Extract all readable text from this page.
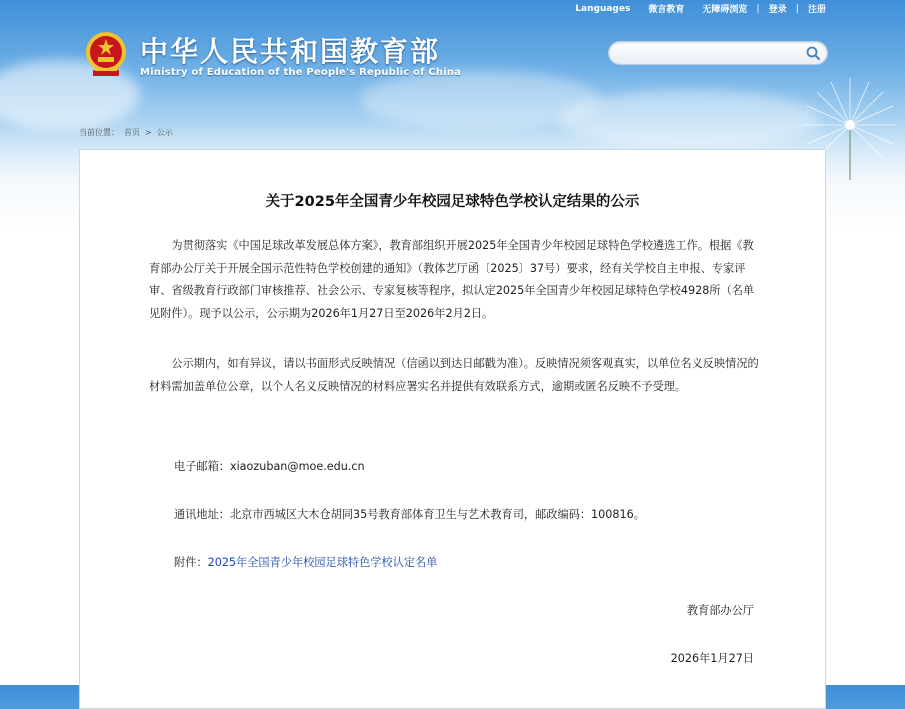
Languages	微言教育	无障碍浏览	|	登录	|	注册
中华人民共和国教育部
Ministry of Education of the People's Republic of China
当前位置： 首页 > 公示
关于2025年全国青少年校园足球特色学校认定结果的公示

为贯彻落实《中国足球改革发展总体方案》，教育部组织开展2025年全国青少年校园足球特色学校遴选工作。根据《教育部办公厅关于开展全国示范性特色学校创建的通知》（教体艺厅函〔2025〕37号）要求，经有关学校自主申报、专家评审、省级教育行政部门审核推荐、社会公示、专家复核等程序，拟认定2025年全国青少年校园足球特色学校4928所（名单见附件）。现予以公示，公示期为2026年1月27日至2026年2月2日。

公示期内，如有异议，请以书面形式反映情况（信函以到达日邮戳为准）。反映情况须客观真实，以单位名义反映情况的材料需加盖单位公章，以个人名义反映情况的材料应署实名并提供有效联系方式，逾期或匿名反映不予受理。

电子邮箱：xiaozuban@moe.edu.cn
通讯地址：北京市西城区大木仓胡同35号教育部体育卫生与艺术教育司，邮政编码：100816。
附件：2025年全国青少年校园足球特色学校认定名单
教育部办公厅
2026年1月27日
